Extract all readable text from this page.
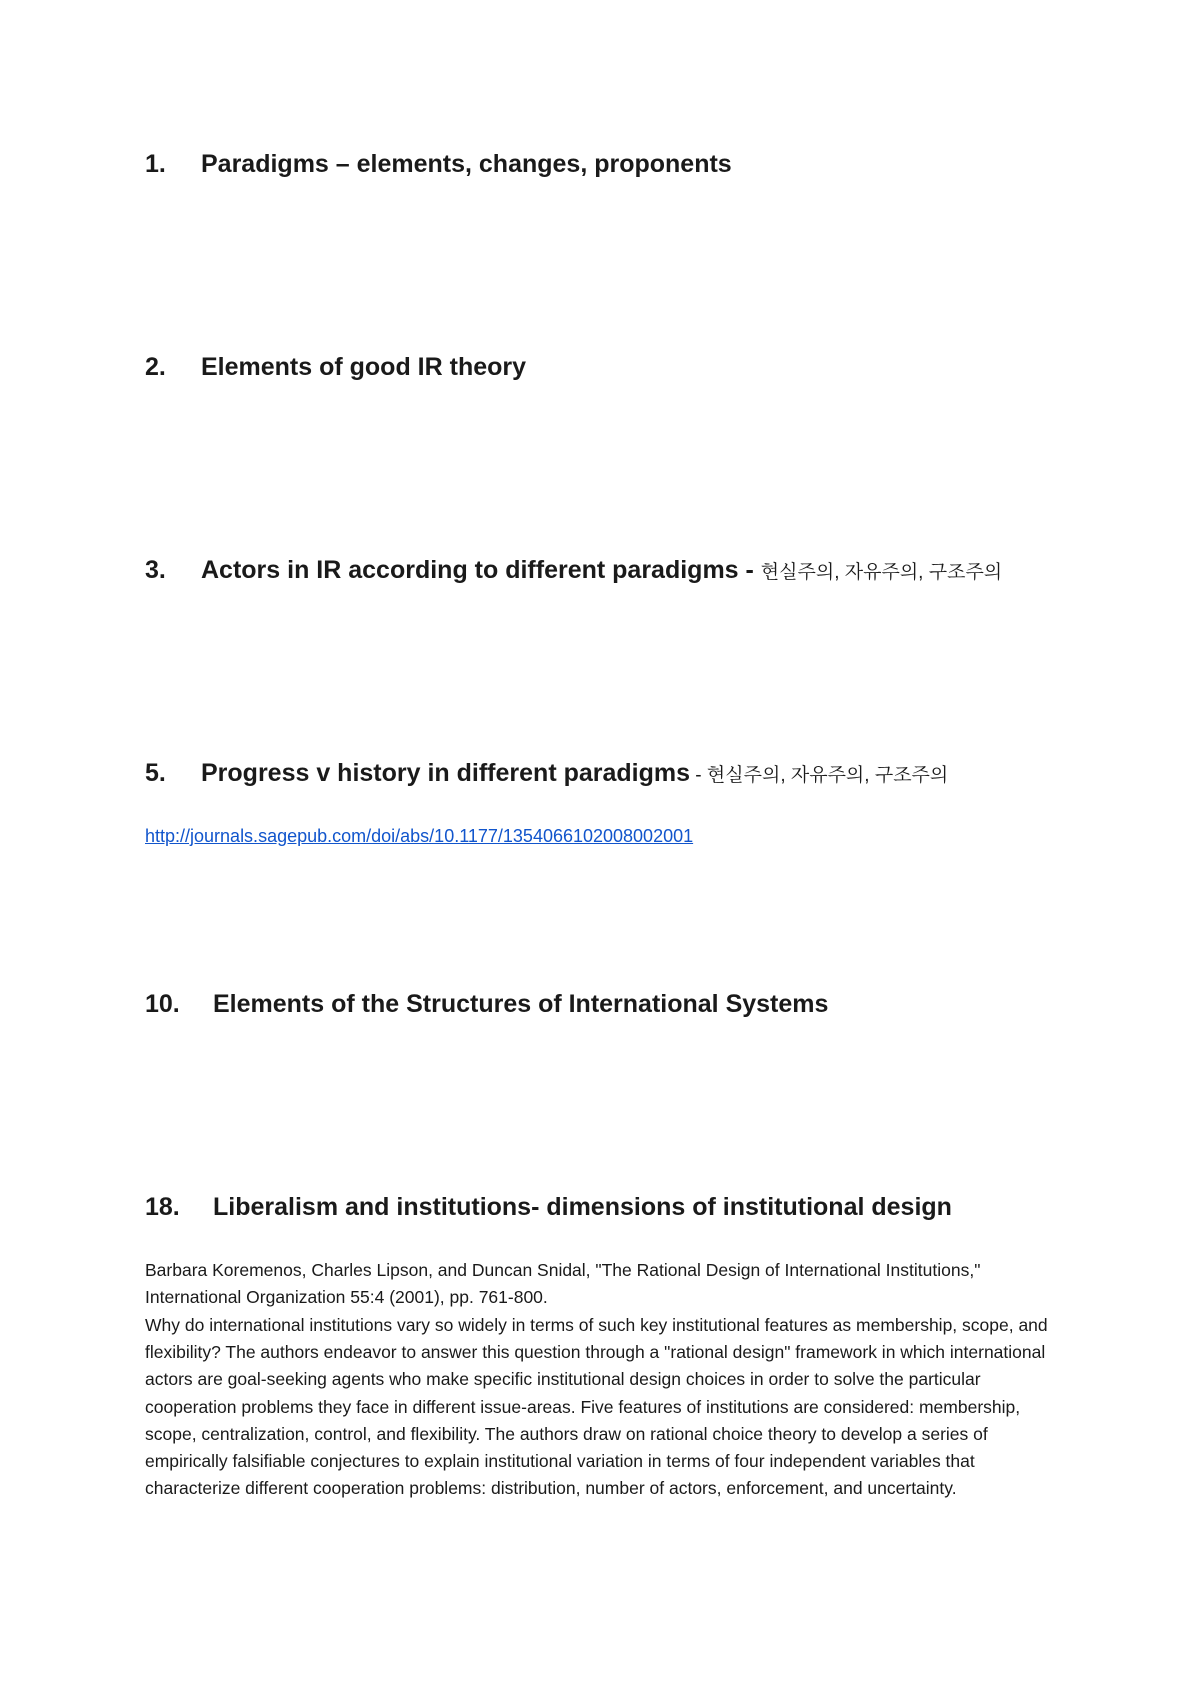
1. Paradigms – elements, changes, proponents
2. Elements of good IR theory
3. Actors in IR according to different paradigms - 현실주의, 자유주의, 구조주의
5. Progress v history in different paradigms - 현실주의, 자유주의, 구조주의
http://journals.sagepub.com/doi/abs/10.1177/1354066102008002001
10. Elements of the Structures of International Systems
18. Liberalism and institutions- dimensions of institutional design

Barbara Koremenos, Charles Lipson, and Duncan Snidal, "The Rational Design of International Institutions," International Organization 55:4 (2001), pp. 761-800.

Why do international institutions vary so widely in terms of such key institutional features as membership, scope, and flexibility? The authors endeavor to answer this question through a "rational design" framework in which international actors are goal-seeking agents who make specific institutional design choices in order to solve the particular cooperation problems they face in different issue-areas. Five features of institutions are considered: membership, scope, centralization, control, and flexibility. The authors draw on rational choice theory to develop a series of empirically falsifiable conjectures to explain institutional variation in terms of four independent variables that characterize different cooperation problems: distribution, number of actors, enforcement, and uncertainty.
